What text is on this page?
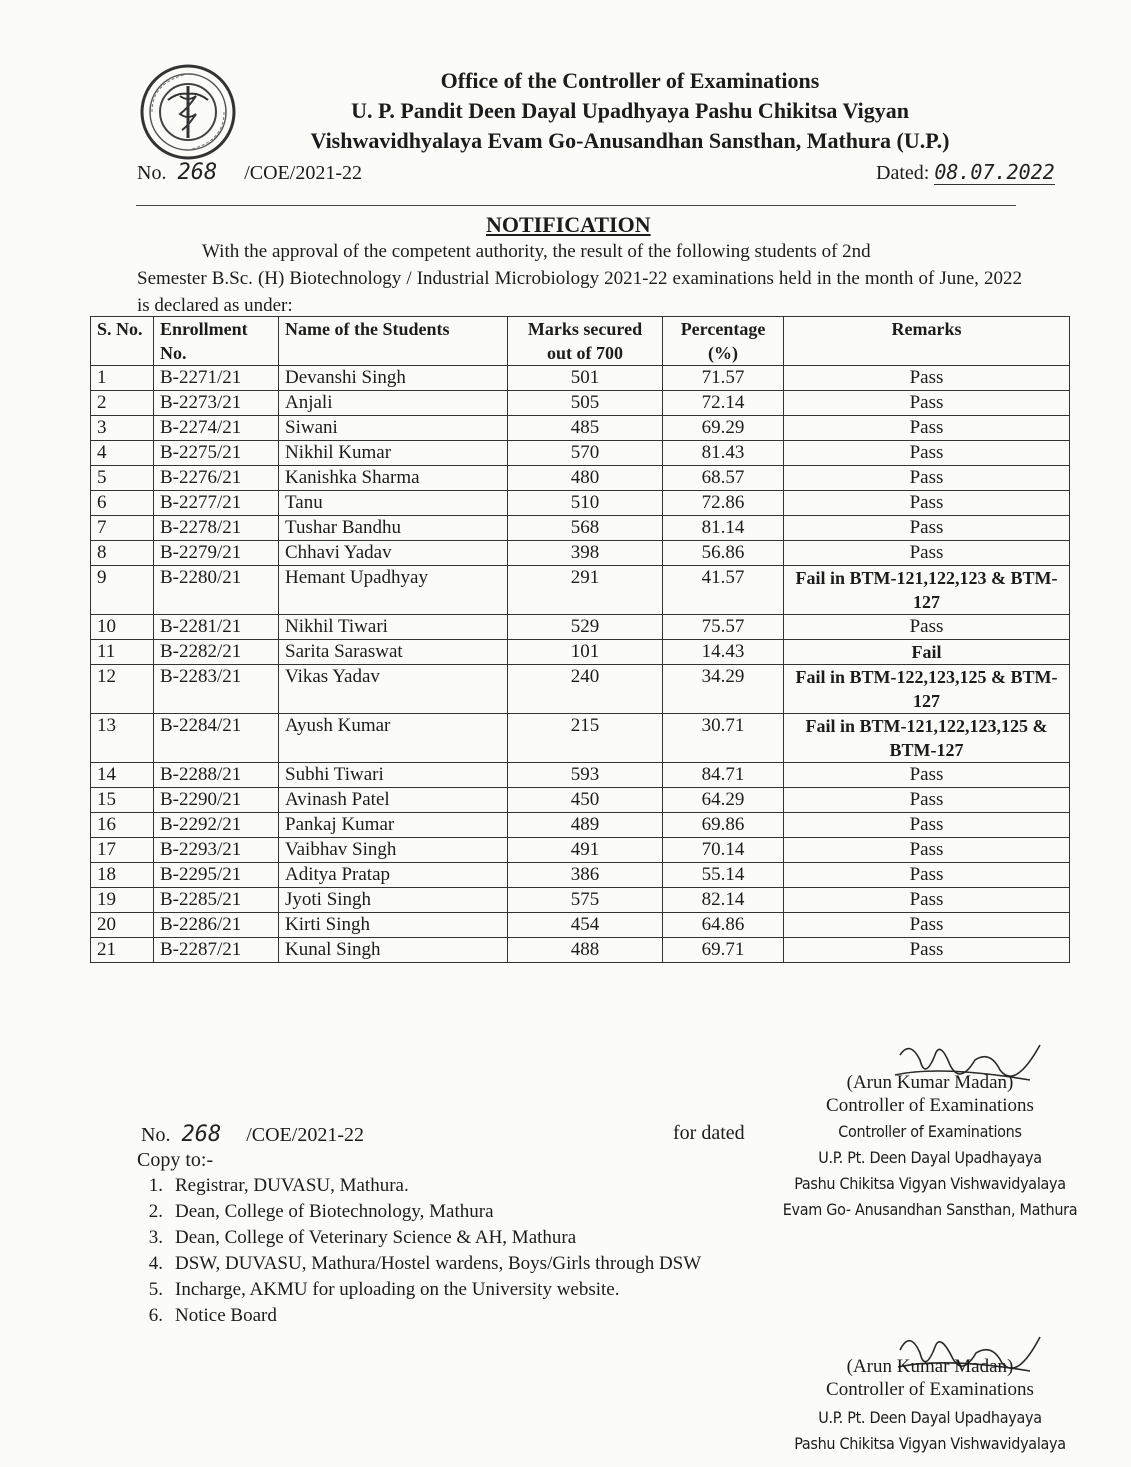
Office of the Controller of Examinations
U. P. Pandit Deen Dayal Upadhyaya Pashu Chikitsa Vigyan
Vishwavidhyalaya Evam Go-Anusandhan Sansthan, Mathura (U.P.)
No. 268 /COE/2021-22	Dated: 08.07.2022
NOTIFICATION

With the approval of the competent authority, the result of the following students of 2nd

Semester B.Sc. (H) Biotechnology / Industrial Microbiology 2021-22 examinations held in the month of June, 2022 is declared as under:

S. No.	Enrollment No.	Name of the Students	Marks secured out of 700	Percentage (%)	Remarks
1	B-2271/21	Devanshi Singh	501	71.57	Pass
2	B-2273/21	Anjali	505	72.14	Pass
3	B-2274/21	Siwani	485	69.29	Pass
4	B-2275/21	Nikhil Kumar	570	81.43	Pass
5	B-2276/21	Kanishka Sharma	480	68.57	Pass
6	B-2277/21	Tanu	510	72.86	Pass
7	B-2278/21	Tushar Bandhu	568	81.14	Pass
8	B-2279/21	Chhavi Yadav	398	56.86	Pass
9	B-2280/21	Hemant Upadhyay	291	41.57	Fail in BTM-121,122,123 & BTM-127
10	B-2281/21	Nikhil Tiwari	529	75.57	Pass
11	B-2282/21	Sarita Saraswat	101	14.43	Fail
12	B-2283/21	Vikas Yadav	240	34.29	Fail in BTM-122,123,125 & BTM-127
13	B-2284/21	Ayush Kumar	215	30.71	Fail in BTM-121,122,123,125 & BTM-127
14	B-2288/21	Subhi Tiwari	593	84.71	Pass
15	B-2290/21	Avinash Patel	450	64.29	Pass
16	B-2292/21	Pankaj Kumar	489	69.86	Pass
17	B-2293/21	Vaibhav Singh	491	70.14	Pass
18	B-2295/21	Aditya Pratap	386	55.14	Pass
19	B-2285/21	Jyoti Singh	575	82.14	Pass
20	B-2286/21	Kirti Singh	454	64.86	Pass
21	B-2287/21	Kunal Singh	488	69.71	Pass
(Arun Kumar Madan)
Controller of Examinations
Controller of Examinations
U.P. Pt. Deen Dayal Upadhayaya
Pashu Chikitsa Vigyan Vishwavidyalaya
Evam Go- Anusandhan Sansthan, Mathura
No. 268 /COE/2021-22	for dated
Copy to:-
1. Registrar, DUVASU, Mathura.
2. Dean, College of Biotechnology, Mathura
3. Dean, College of Veterinary Science & AH, Mathura
4. DSW, DUVASU, Mathura/Hostel wardens, Boys/Girls through DSW
5. Incharge, AKMU for uploading on the University website.
6. Notice Board
(Arun Kumar Madan)
Controller of Examinations
U.P. Pt. Deen Dayal Upadhayaya
Pashu Chikitsa Vigyan Vishwavidyalaya
